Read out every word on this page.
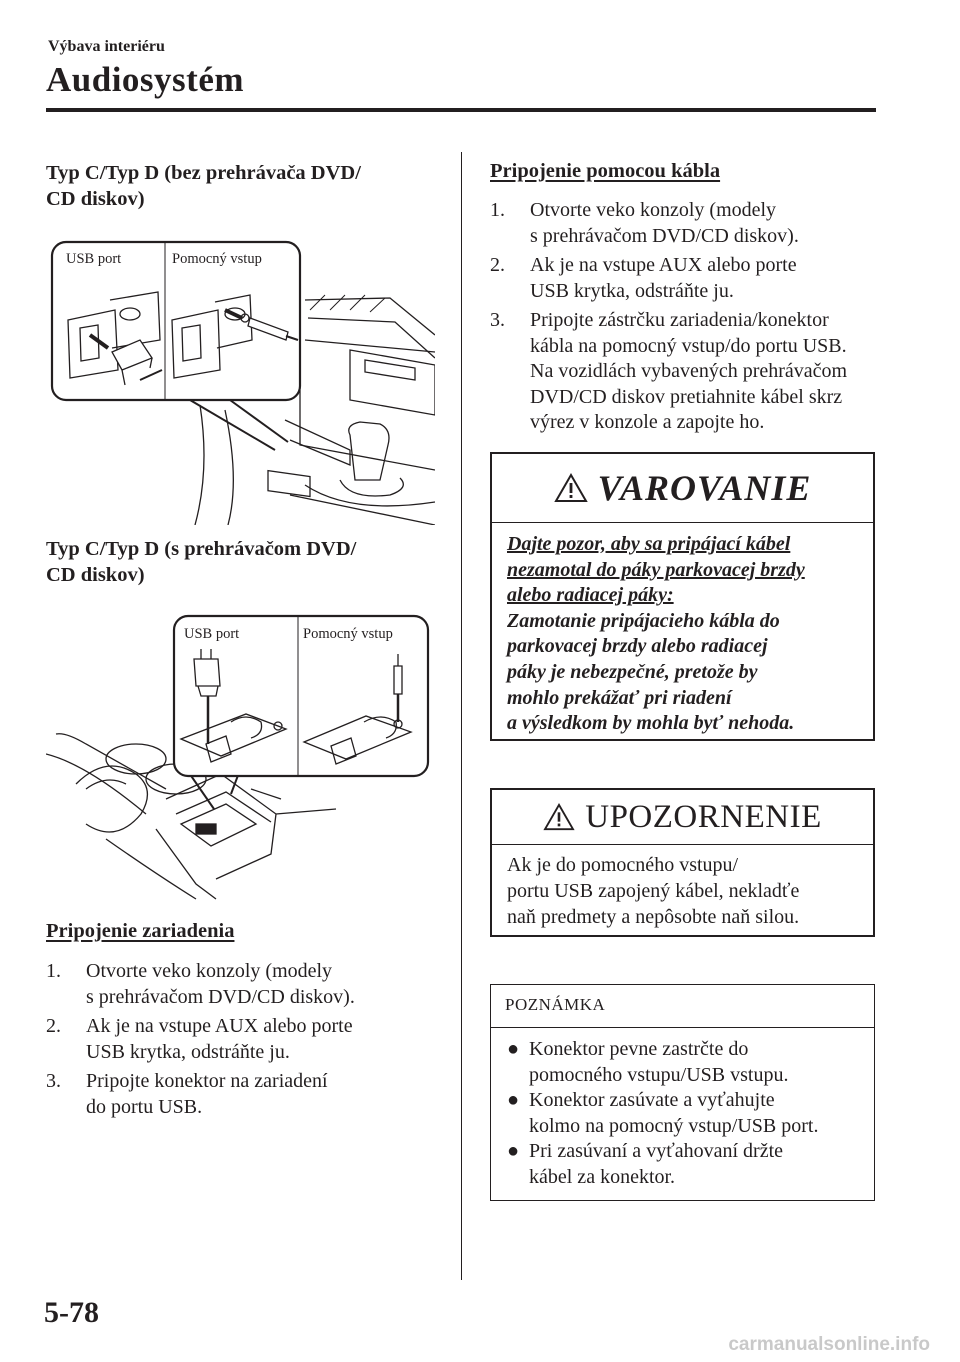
Výbava interiéru
Audiosystém
Typ C/Typ D (bez prehrávača DVD/
CD diskov)
USB port	Pomocný vstup
Typ C/Typ D (s prehrávačom DVD/
CD diskov)
USB port	Pomocný vstup
Pripojenie zariadenia
1. Otvorte veko konzoly (modely
s prehrávačom DVD/CD diskov).
2. Ak je na vstupe AUX alebo porte
USB krytka, odstráňte ju.
3. Pripojte konektor na zariadení
do portu USB.
Pripojenie pomocou kábla
1. Otvorte veko konzoly (modely
s prehrávačom DVD/CD diskov).
2. Ak je na vstupe AUX alebo porte
USB krytka, odstráňte ju.
3. Pripojte zástrčku zariadenia/konektor
kábla na pomocný vstup/do portu USB.
Na vozidlách vybavených prehrávačom
DVD/CD diskov pretiahnite kábel skrz
výrez v konzole a zapojte ho.
VAROVANIE
Dajte pozor, aby sa pripájací kábel
nezamotal do páky parkovacej brzdy
alebo radiacej páky:
Zamotanie pripájacieho kábla do
parkovacej brzdy alebo radiacej
páky je nebezpečné, pretože by
mohlo prekážať pri riadení
a výsledkom by mohla byť nehoda.
UPOZORNENIE
Ak je do pomocného vstupu/
portu USB zapojený kábel, nekladťe
naň predmety a nepôsobte naň silou.
POZNÁMKA
● Konektor pevne zastrčte do
pomocného vstupu/USB vstupu.
● Konektor zasúvate a vyťahujte
kolmo na pomocný vstup/USB port.
● Pri zasúvaní a vyťahovaní držte
kábel za konektor.
5-78
carmanualsonline.info
